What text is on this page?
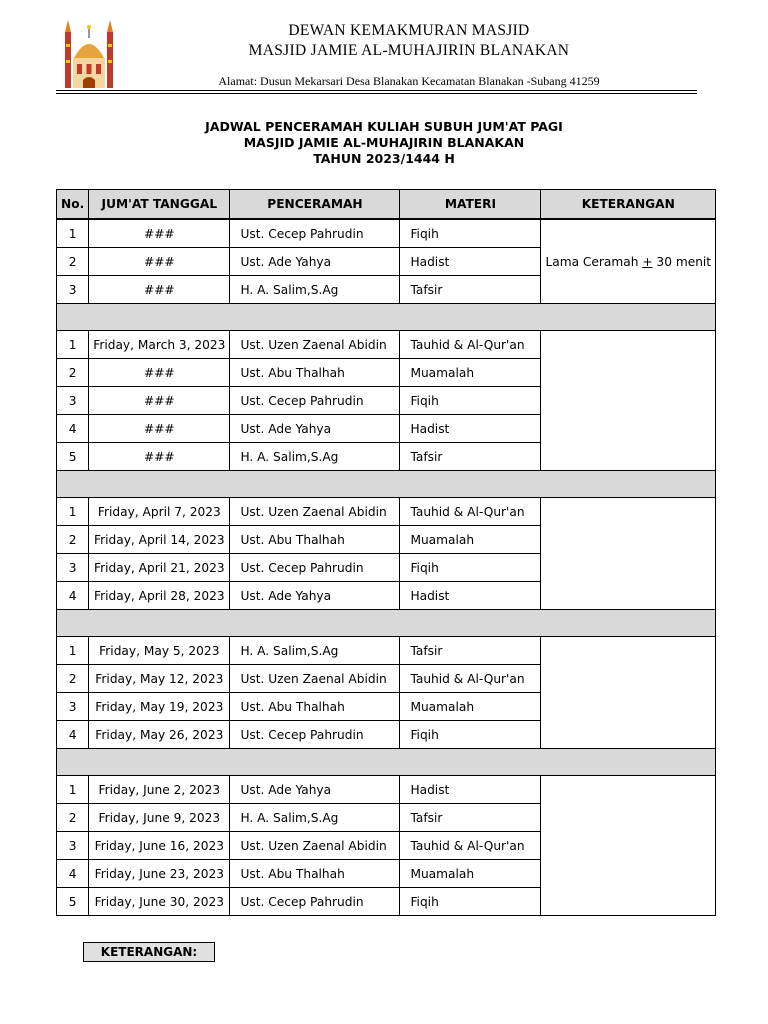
DEWAN KEMAKMURAN MASJID
MASJID JAMIE AL-MUHAJIRIN BLANAKAN
Alamat: Dusun Mekarsari Desa Blanakan Kecamatan Blanakan -Subang 41259
JADWAL PENCERAMAH KULIAH SUBUH JUM'AT PAGI
MASJID JAMIE AL-MUHAJIRIN BLANAKAN
TAHUN 2023/1444 H
No.	JUM'AT TANGGAL	PENCERAMAH	MATERI	KETERANGAN
1	###	Ust. Cecep Pahrudin	Fiqih	Lama Ceramah + 30 menit
2	###	Ust. Ade Yahya	Hadist	
3	###	H. A. Salim,S.Ag	Tafsir	

1	Friday, March 3, 2023	Ust. Uzen Zaenal Abidin	Tauhid & Al-Qur'an	
2	###	Ust. Abu Thalhah	Muamalah	
3	###	Ust. Cecep Pahrudin	Fiqih	
4	###	Ust. Ade Yahya	Hadist	
5	###	H. A. Salim,S.Ag	Tafsir	

1	Friday, April 7, 2023	Ust. Uzen Zaenal Abidin	Tauhid & Al-Qur'an	
2	Friday, April 14, 2023	Ust. Abu Thalhah	Muamalah	
3	Friday, April 21, 2023	Ust. Cecep Pahrudin	Fiqih	
4	Friday, April 28, 2023	Ust. Ade Yahya	Hadist	

1	Friday, May 5, 2023	H. A. Salim,S.Ag	Tafsir	
2	Friday, May 12, 2023	Ust. Uzen Zaenal Abidin	Tauhid & Al-Qur'an	
3	Friday, May 19, 2023	Ust. Abu Thalhah	Muamalah	
4	Friday, May 26, 2023	Ust. Cecep Pahrudin	Fiqih	

1	Friday, June 2, 2023	Ust. Ade Yahya	Hadist	
2	Friday, June 9, 2023	H. A. Salim,S.Ag	Tafsir	
3	Friday, June 16, 2023	Ust. Uzen Zaenal Abidin	Tauhid & Al-Qur'an	
4	Friday, June 23, 2023	Ust. Abu Thalhah	Muamalah	
5	Friday, June 30, 2023	Ust. Cecep Pahrudin	Fiqih	
KETERANGAN:
